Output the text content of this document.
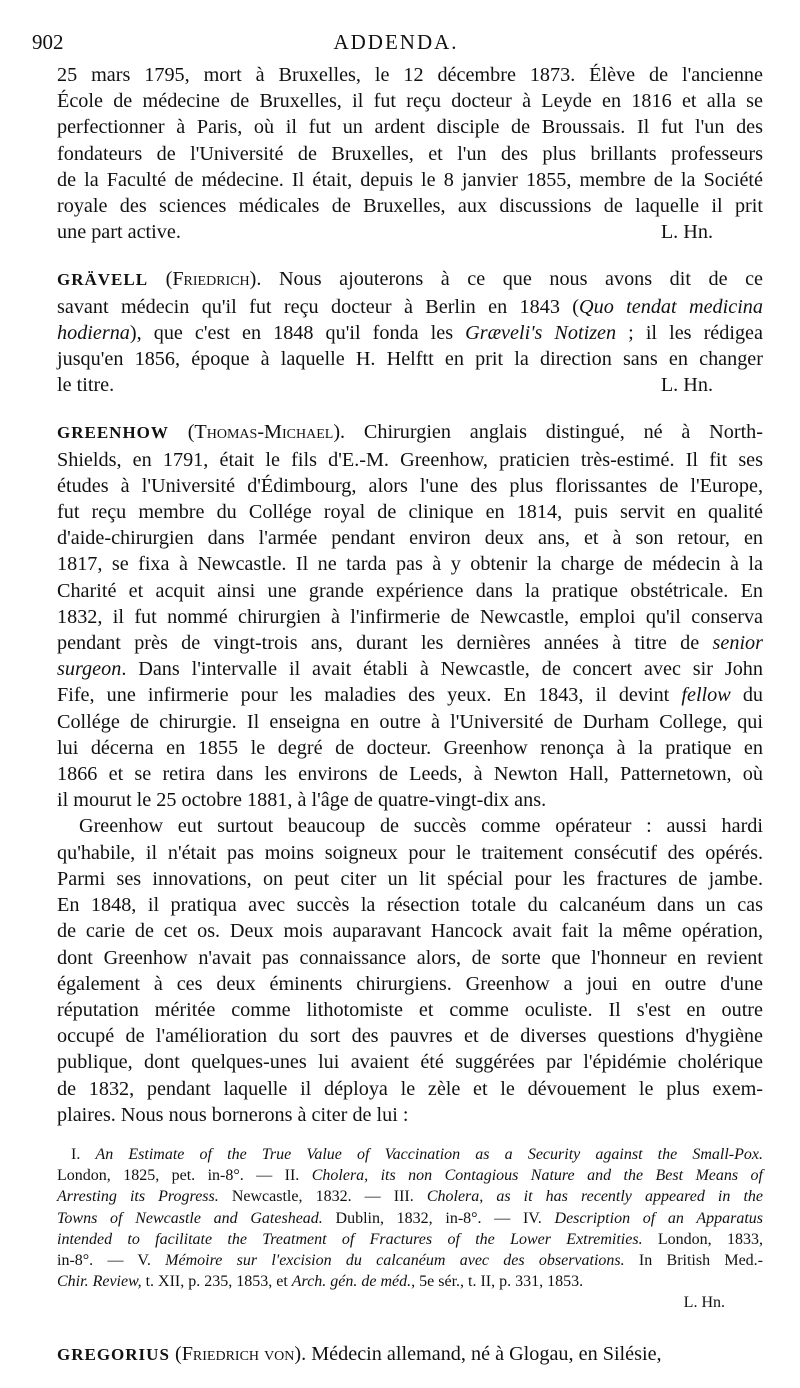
902	ADDENDA.
25 mars 1795, mort à Bruxelles, le 12 décembre 1873. Élève de l'ancienne
École de médecine de Bruxelles, il fut reçu docteur à Leyde en 1816 et alla se
perfectionner à Paris, où il fut un ardent disciple de Broussais. Il fut l'un des
fondateurs de l'Université de Bruxelles, et l'un des plus brillants professeurs
de la Faculté de médecine. Il était, depuis le 8 janvier 1855, membre de la Société
royale des sciences médicales de Bruxelles, aux discussions de laquelle il prit
une part active.	L. Hn.
GRÄVELL (Friedrich). Nous ajouterons à ce que nous avons dit de ce
savant médecin qu'il fut reçu docteur à Berlin en 1843 (Quo tendat medicina
hodierna), que c'est en 1848 qu'il fonda les Græveli's Notizen ; il les rédigea
jusqu'en 1856, époque à laquelle H. Helftt en prit la direction sans en changer
le titre.	L. Hn.
GREENHOW (Thomas-Michael). Chirurgien anglais distingué, né à North-
Shields, en 1791, était le fils d'E.-M. Greenhow, praticien très-estimé. Il fit ses
études à l'Université d'Édimbourg, alors l'une des plus florissantes de l'Europe,
fut reçu membre du Collége royal de clinique en 1814, puis servit en qualité
d'aide-chirurgien dans l'armée pendant environ deux ans, et à son retour, en
1817, se fixa à Newcastle. Il ne tarda pas à y obtenir la charge de médecin à la
Charité et acquit ainsi une grande expérience dans la pratique obstétricale. En
1832, il fut nommé chirurgien à l'infirmerie de Newcastle, emploi qu'il conserva
pendant près de vingt-trois ans, durant les dernières années à titre de senior
surgeon. Dans l'intervalle il avait établi à Newcastle, de concert avec sir John
Fife, une infirmerie pour les maladies des yeux. En 1843, il devint fellow du
Collége de chirurgie. Il enseigna en outre à l'Université de Durham College, qui
lui décerna en 1855 le degré de docteur. Greenhow renonça à la pratique en
1866 et se retira dans les environs de Leeds, à Newton Hall, Patternetown, où
il mourut le 25 octobre 1881, à l'âge de quatre-vingt-dix ans.
Greenhow eut surtout beaucoup de succès comme opérateur : aussi hardi
qu'habile, il n'était pas moins soigneux pour le traitement consécutif des opérés.
Parmi ses innovations, on peut citer un lit spécial pour les fractures de jambe.
En 1848, il pratiqua avec succès la résection totale du calcanéum dans un cas
de carie de cet os. Deux mois auparavant Hancock avait fait la même opération,
dont Greenhow n'avait pas connaissance alors, de sorte que l'honneur en revient
également à ces deux éminents chirurgiens. Greenhow a joui en outre d'une
réputation méritée comme lithotomiste et comme oculiste. Il s'est en outre
occupé de l'amélioration du sort des pauvres et de diverses questions d'hygiène
publique, dont quelques-unes lui avaient été suggérées par l'épidémie cholérique
de 1832, pendant laquelle il déploya le zèle et le dévouement le plus exem-
plaires. Nous nous bornerons à citer de lui :
I. An Estimate of the True Value of Vaccination as a Security against the Small-Pox.
London, 1825, pet. in-8°. — II. Cholera, its non Contagious Nature and the Best Means of
Arresting its Progress. Newcastle, 1832. — III. Cholera, as it has recently appeared in the
Towns of Newcastle and Gateshead. Dublin, 1832, in-8°. — IV. Description of an Apparatus
intended to facilitate the Treatment of Fractures of the Lower Extremities. London, 1833,
in-8°. — V. Mémoire sur l'excision du calcanéum avec des observations. In British Med.-
Chir. Review, t. XII, p. 235, 1853, et Arch. gén. de méd., 5e sér., t. II, p. 331, 1853.
L. Hn.
GREGORIUS (Friedrich von). Médecin allemand, né à Glogau, en Silésie,
